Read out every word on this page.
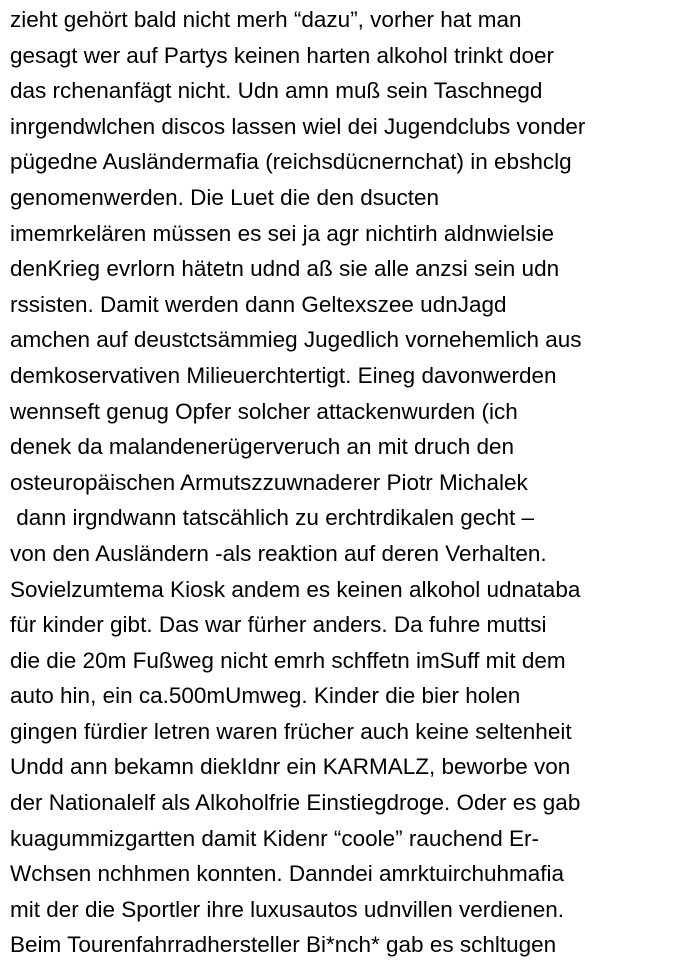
zieht gehört bald nicht merh “dazu”, vorher hat man
gesagt wer auf Partys keinen harten alkohol trinkt doer
das rchenanfägt nicht. Udn amn muß sein Taschnegd
inrgendwlchen discos lassen wiel dei Jugendclubs vonder
pügedne Ausländermafia (reichsdücnernchat) in ebshclg
genomenwerden. Die Luet die den dsucten
imemrkelären müssen es sei ja agr nichtirh aldnwielsie
denKrieg evrlorn hätetn udnd aß sie alle anzsi sein udn
rssisten. Damit werden dann Geltexszee udnJagd
amchen auf deustctsämmieg Jugedlich vornehemlich aus
demkoservativen Milieuerchtertigt. Eineg davonwerden
wennseft genug Opfer solcher attackenwurden (ich
denek da malandenerügerveruch an mit druch den
osteuropäischen Armutszzuwnaderer Piotr Michalek
dann irgndwann tatscählich zu erchtrdikalen gecht –
von den Ausländern -als reaktion auf deren Verhalten.
Sovielzumtema Kiosk andem es keinen alkohol udnataba
für kinder gibt. Das war fürher anders. Da fuhre muttsi
die die 20m Fußweg nicht emrh schffetn imSuff mit dem
auto hin, ein ca.500mUmweg. Kinder die bier holen
gingen fürdier letren waren frücher auch keine seltenheit
Undd ann bekamn diekIdnr ein KARMALZ, beworbe von
der Nationalelf als Alkoholfrie Einstiegdroge. Oder es gab
kuagummizgartten damit Kidenr “coole” rauchend Er-
Wchsen nchhmen konnten. Danndei amrktuirchuhmafia
mit der die Sportler ihre luxusautos udnvillen verdienen.
Beim Tourenfahrradhersteller Bi*nch* gab es schltugen
